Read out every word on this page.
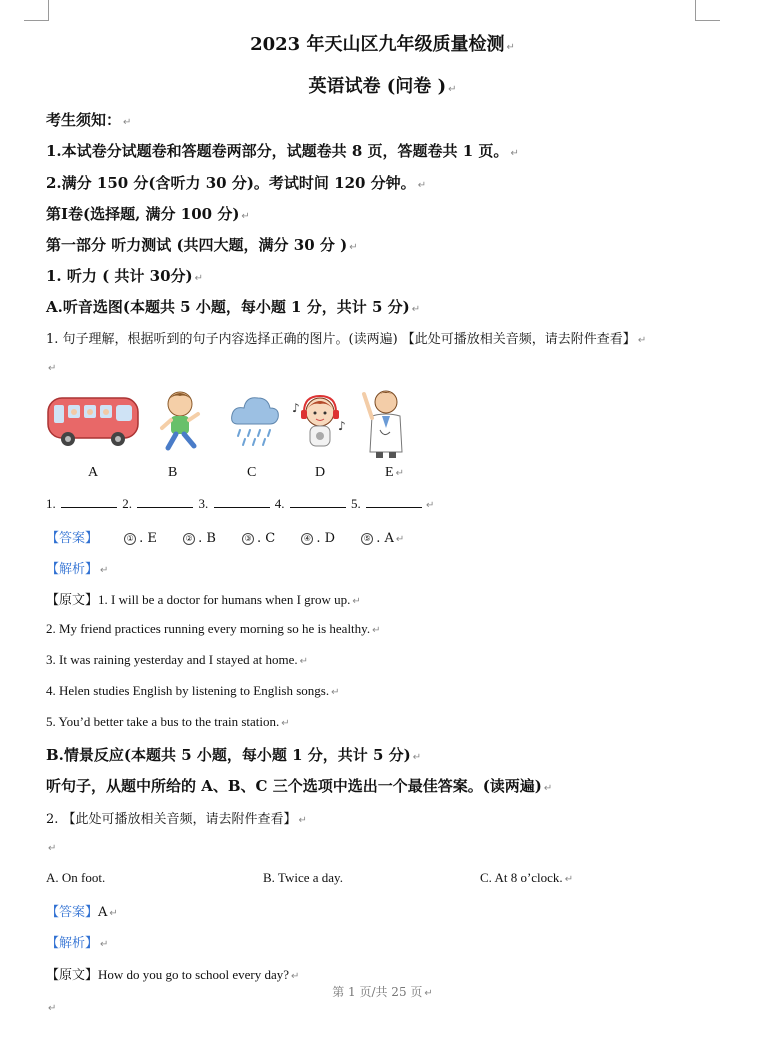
2023 年天山区九年级质量检测 ↵
英语试卷 (问卷 ) ↵
考生须知： ↵
1.本试卷分试题卷和答题卷两部分，试题卷共 8 页，答题卷共 1 页。 ↵
2.满分 150 分(含听力 30 分)。考试时间 120 分钟。 ↵
第Ⅰ卷(选择题, 满分 100 分) ↵
第一部分 听力测试 (共四大题，满分 30 分 ) ↵
1. 听力 ( 共计 30分) ↵
A.听音选图(本题共 5 小题，每小题 1 分，共计 5 分) ↵
1. 句子理解，根据听到的句子内容选择正确的图片。(读两遍) 【此处可播放相关音频，请去附件查看】 ↵
↵
♪
♪
A	B	C	D	E ↵
1.	2.	3.	4.	5.	↵
【答案】	① . E	② . B	③ . C	④ . D	⑤ . A ↵
【解析】 ↵
【原文】1. I will be a doctor for humans when I grow up. ↵
2. My friend practices running every morning so he is healthy. ↵
3. It was raining yesterday and I stayed at home. ↵
4. Helen studies English by listening to English songs. ↵
5. You’d better take a bus to the train station. ↵
B.情景反应(本题共 5 小题，每小题 1 分，共计 5 分) ↵
听句子，从题中所给的 A、B、C 三个选项中选出一个最佳答案。(读两遍) ↵
2. 【此处可播放相关音频，请去附件查看】 ↵
↵
A. On foot.	B. Twice a day.	C. At 8 o’clock. ↵
【答案】A ↵
【解析】 ↵
【原文】How do you go to school every day? ↵
第 1 页/共 25 页 ↵
↵
